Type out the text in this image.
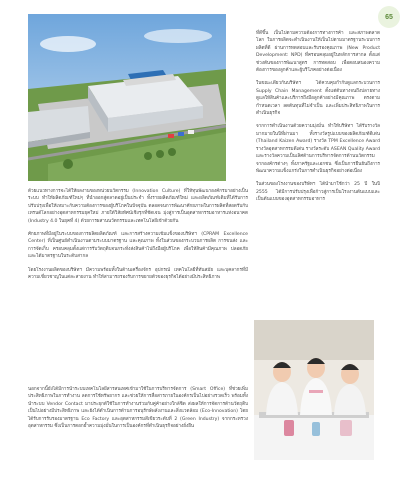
65

ที่ดีขึ้น เป็นไปตามความต้องการทางการค้า และสภาพตลาดโลก ในการผลิตจะดำเนินงานให้เป็นไปตามมาตรฐานระบบการผลิตที่ดี ผ่านการทดสอบและรับรองคุณภาพ (New Product Development: NPD) ที่ครอบคลุมอยู่ในหลักการสากล ตั้งแต่ช่วงต้นของการพัฒนาสูตร การทดสอบ เพื่อตอบสนองความต้องการของลูกค้าและผู้บริโภคอย่างต่อเนื่อง

ในขณะเดียวกันบริษัทฯ ได้ควบคุมกำกับดูแลกระบวนการ Supply Chain Management ตั้งแต่ต้นทางจนถึงปลายทาง ดูแลให้สินค้าและบริการถึงมือลูกค้าอย่างมีคุณภาพ ตรงตามกำหนดเวลา ลดต้นทุนที่ไม่จำเป็น และเพิ่มประสิทธิภาพในการดำเนินธุรกิจ

จากการดำเนินงานด้วยความมุ่งมั่น ทำให้บริษัทฯ ได้รับรางวัลมากมายในปีที่ผ่านมา ทั้งรางวัลรูปแบบของผลิตภัณฑ์ดีเด่น (Thailand Kaizen Award) รางวัล TPM Excellence Award รางวัลอุตสาหกรรมดีเด่น รางวัลระดับ ASEAN Quality Award และรางวัลความเป็นเลิศด้านการบริหารจัดการด้านนวัตกรรมจากองค์กรต่างๆ ทั้งภาครัฐและเอกชน ซึ่งเป็นการยืนยันถึงการพัฒนาความแข็งแกร่งในการดำเนินธุรกิจอย่างต่อเนื่อง

ในส่วนของโรงงานของบริษัทฯ ได้นำมาใช้กว่า 25 ปี ในปี 2555 ได้มีการปรับปรุงเพื่อก้าวสู่การเป็นโรงงานต้นแบบและเป็นต้นแบบของอุตสาหกรรมอาหาร

ด้วยแนวทางการจะได้ให้ผลงานของหน่วยนวัตกรรม (Innovation Culture) ที่ให้ทุนพัฒนาองค์กรมาอย่างเป็นระบบ ทำให้ผลิตภัณฑ์ใหม่ๆ ที่นำออกสู่ตลาดอยู่เป็นประจำ ทั้งรายผลิตภัณฑ์ใหม่ และผลิตภัณฑ์เดิมที่ได้รับการปรับปรุงเพื่อให้เหมาะกับความต้องการของผู้บริโภคในปัจจุบัน ตลอดจนการพัฒนาศักยภาพในการผลิตที่สอดรับกับเทรนด์โลกอย่างอุตสาหกรรมยุคใหม่ ภายใต้วิสัยทัศน์เชิงรุกที่ชัดเจน มุ่งสู่การเป็นอุตสาหกรรมอาหารแห่งอนาคต (Industry 4.0 ในยุคที่ 4) ด้วยการผสานนวัตกรรมและเทคโนโลยีเข้าด้วยกัน

ศักยภาพที่มีอยู่ในระบบของการผลิตผลิตภัณฑ์ และการสร้างความเข้มแข็งของบริษัทฯ (CPRAM Excellence Center) ที่เป็นศูนย์ดำเนินงานตามระบบมาตรฐาน และคุณภาพ ทั้งในส่วนของกระบวนการผลิต การขนส่ง และการจัดเก็บ ครอบคลุมตั้งแต่การรับวัตถุดิบจนกระทั่งส่งสินค้าไปถึงมือผู้บริโภค เพื่อให้สินค้ามีคุณภาพ ปลอดภัย และได้มาตรฐานในระดับสากล

โดยโรงงานผลิตของบริษัทฯ มีความพร้อมทั้งในด้านเครื่องจักร อุปกรณ์ เทคโนโลยีที่ทันสมัย และบุคลากรที่มีความเชี่ยวชาญในแต่ละสายงาน ทำให้สามารถรองรับการขยายตัวของธุรกิจได้อย่างมีประสิทธิภาพ

นอกจากนี้ยังได้มีการนำระบบเทคโนโลยีสารสนเทศเข้ามาใช้ในการบริหารจัดการ (Smart Office) ที่ช่วยเพิ่มประสิทธิภาพในการทำงาน ลดการใช้ทรัพยากร และช่วยให้การสื่อสารภายในองค์กรเป็นไปอย่างรวดเร็ว พร้อมทั้งนำระบบ Vendor Contact มาประยุกต์ใช้ในการทำงานร่วมกับคู่ค้าอย่างใกล้ชิด ส่งผลให้การจัดการด้านวัตถุดิบเป็นไปอย่างมีประสิทธิภาพ และยังได้ดำเนินการด้านการอนุรักษ์พลังงานและสิ่งแวดล้อม (Eco-Innovation) โดยได้รับการรับรองมาตรฐาน Eco Factory และอุตสาหกรรมสีเขียวระดับที่ 2 (Green Industry) จากกระทรวงอุตสาหกรรม ซึ่งเป็นการตอกย้ำความมุ่งมั่นในการเป็นองค์กรที่ดำเนินธุรกิจอย่างยั่งยืน
